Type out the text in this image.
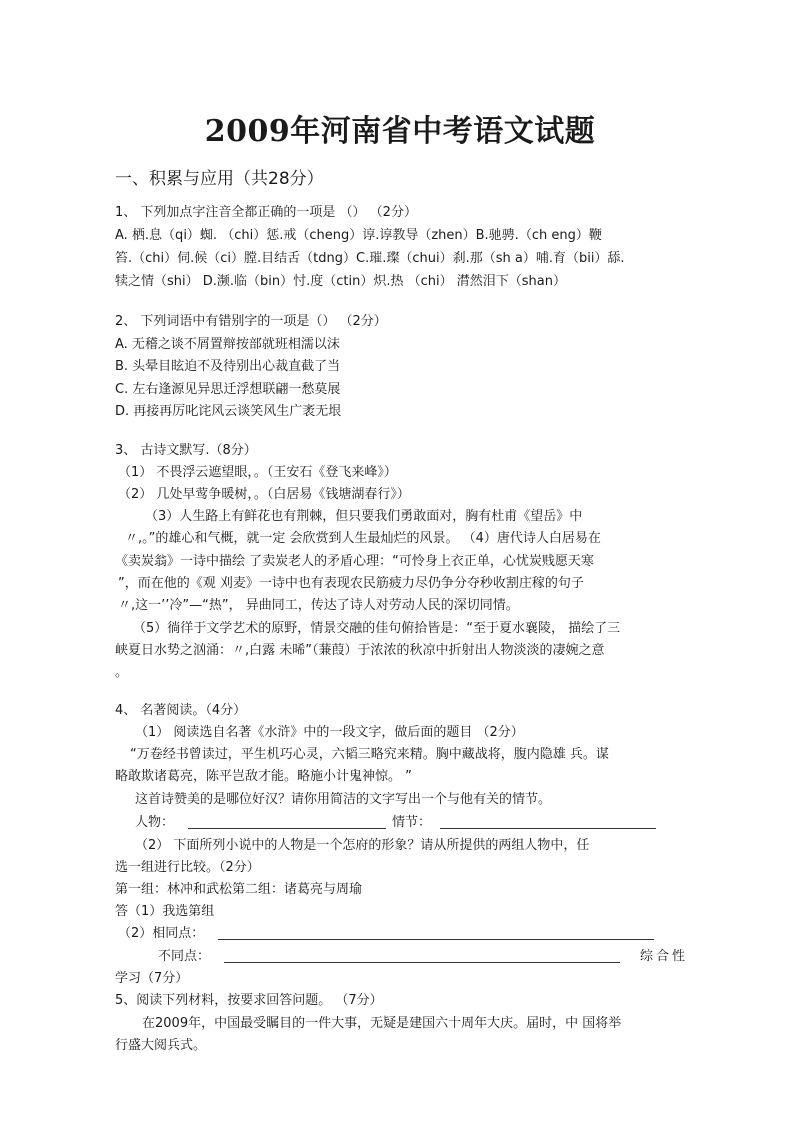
2009年河南省中考语文试题
一、积累与应用（共28分）
1、 下列加点字注音全都正确的一项是 （） （2分）
A. 栖.息（qi）蜘. （chi）惩.戒（cheng）谆.谆教导（zhen）B.驰骋.（ch eng）鞭
笞.（chi）伺.候（ci）膛.目结舌（tdng）C.璀.璨（chui）刹.那（sh a）哺.育（bii）舔.
犊之情（shi） D.濒.临（bin）忖.度（ctin）炽.热 （chi） 潸然泪下（shan）
2、 下列词语中有错别字的一项是（） （2分）
A. 无稽之谈不屑置辩按部就班相濡以沫
B. 头晕目眩迫不及待别出心裁直截了当
C. 左右逢源见异思迁浮想联翩一愁莫展
D. 再接再厉叱诧风云谈笑风生广袤无垠
3、 古诗文默写.（8分）
（1） 不畏浮云遮望眼，。（王安石《登飞来峰》）
（2） 几处早莺争暖树，。（白居易《钱塘湖春行》）
（3）人生路上有鲜花也有荆棘，但只要我们勇敢面对，胸有杜甫《望岳》中
〃,。”的雄心和气概，就一定 会欣赏到人生最灿烂的风景。 （4）唐代诗人白居易在
《卖炭翁》一诗中描绘 了卖炭老人的矛盾心理：“可怜身上衣正单，心忧炭贱愿天寒
”，而在他的《观 刈麦》一诗中也有表现农民筋疲力尽仍争分夺秒收割庄稼的句子
〃,这一’’冷”—“热”， 异曲同工，传达了诗人对劳动人民的深切同情。
（5）徜徉于文学艺术的原野，情景交融的佳句俯拾皆是：“至于夏水襄陵， 描绘了三
峡夏日水势之汹涌：〃,白露 未晞”（蒹葭）于浓浓的秋凉中折射出人物淡淡的凄婉之意
。
4、 名著阅读。（4分）
（1） 阅读选自名著《水浒》中的一段文字，做后面的题目 （2分）
“万卷经书曾读过，平生机巧心灵，六韬三略究来精。胸中藏战将，腹内隐雄 兵。谋
略敢欺诸葛亮，陈平岂敌才能。略施小计鬼神惊。 ”
这首诗赞美的是哪位好汉？请你用简洁的文字写出一个与他有关的情节。
人物：	情节：
（2） 下面所列小说中的人物是一个怎府的形象？请从所提供的两组人物中，任
选一组进行比较。（2分）
第一组：林冲和武松第二组：诸葛亮与周瑜
答（1）我选第组
（2）相同点：
不同点：	综合性
学习（7分）
5、阅读下列材料，按要求回答问题。 （7分）
在2009年，中国最受瞩目的一件大事，无疑是建国六十周年大庆。届时，中 国将举
行盛大阅兵式。
